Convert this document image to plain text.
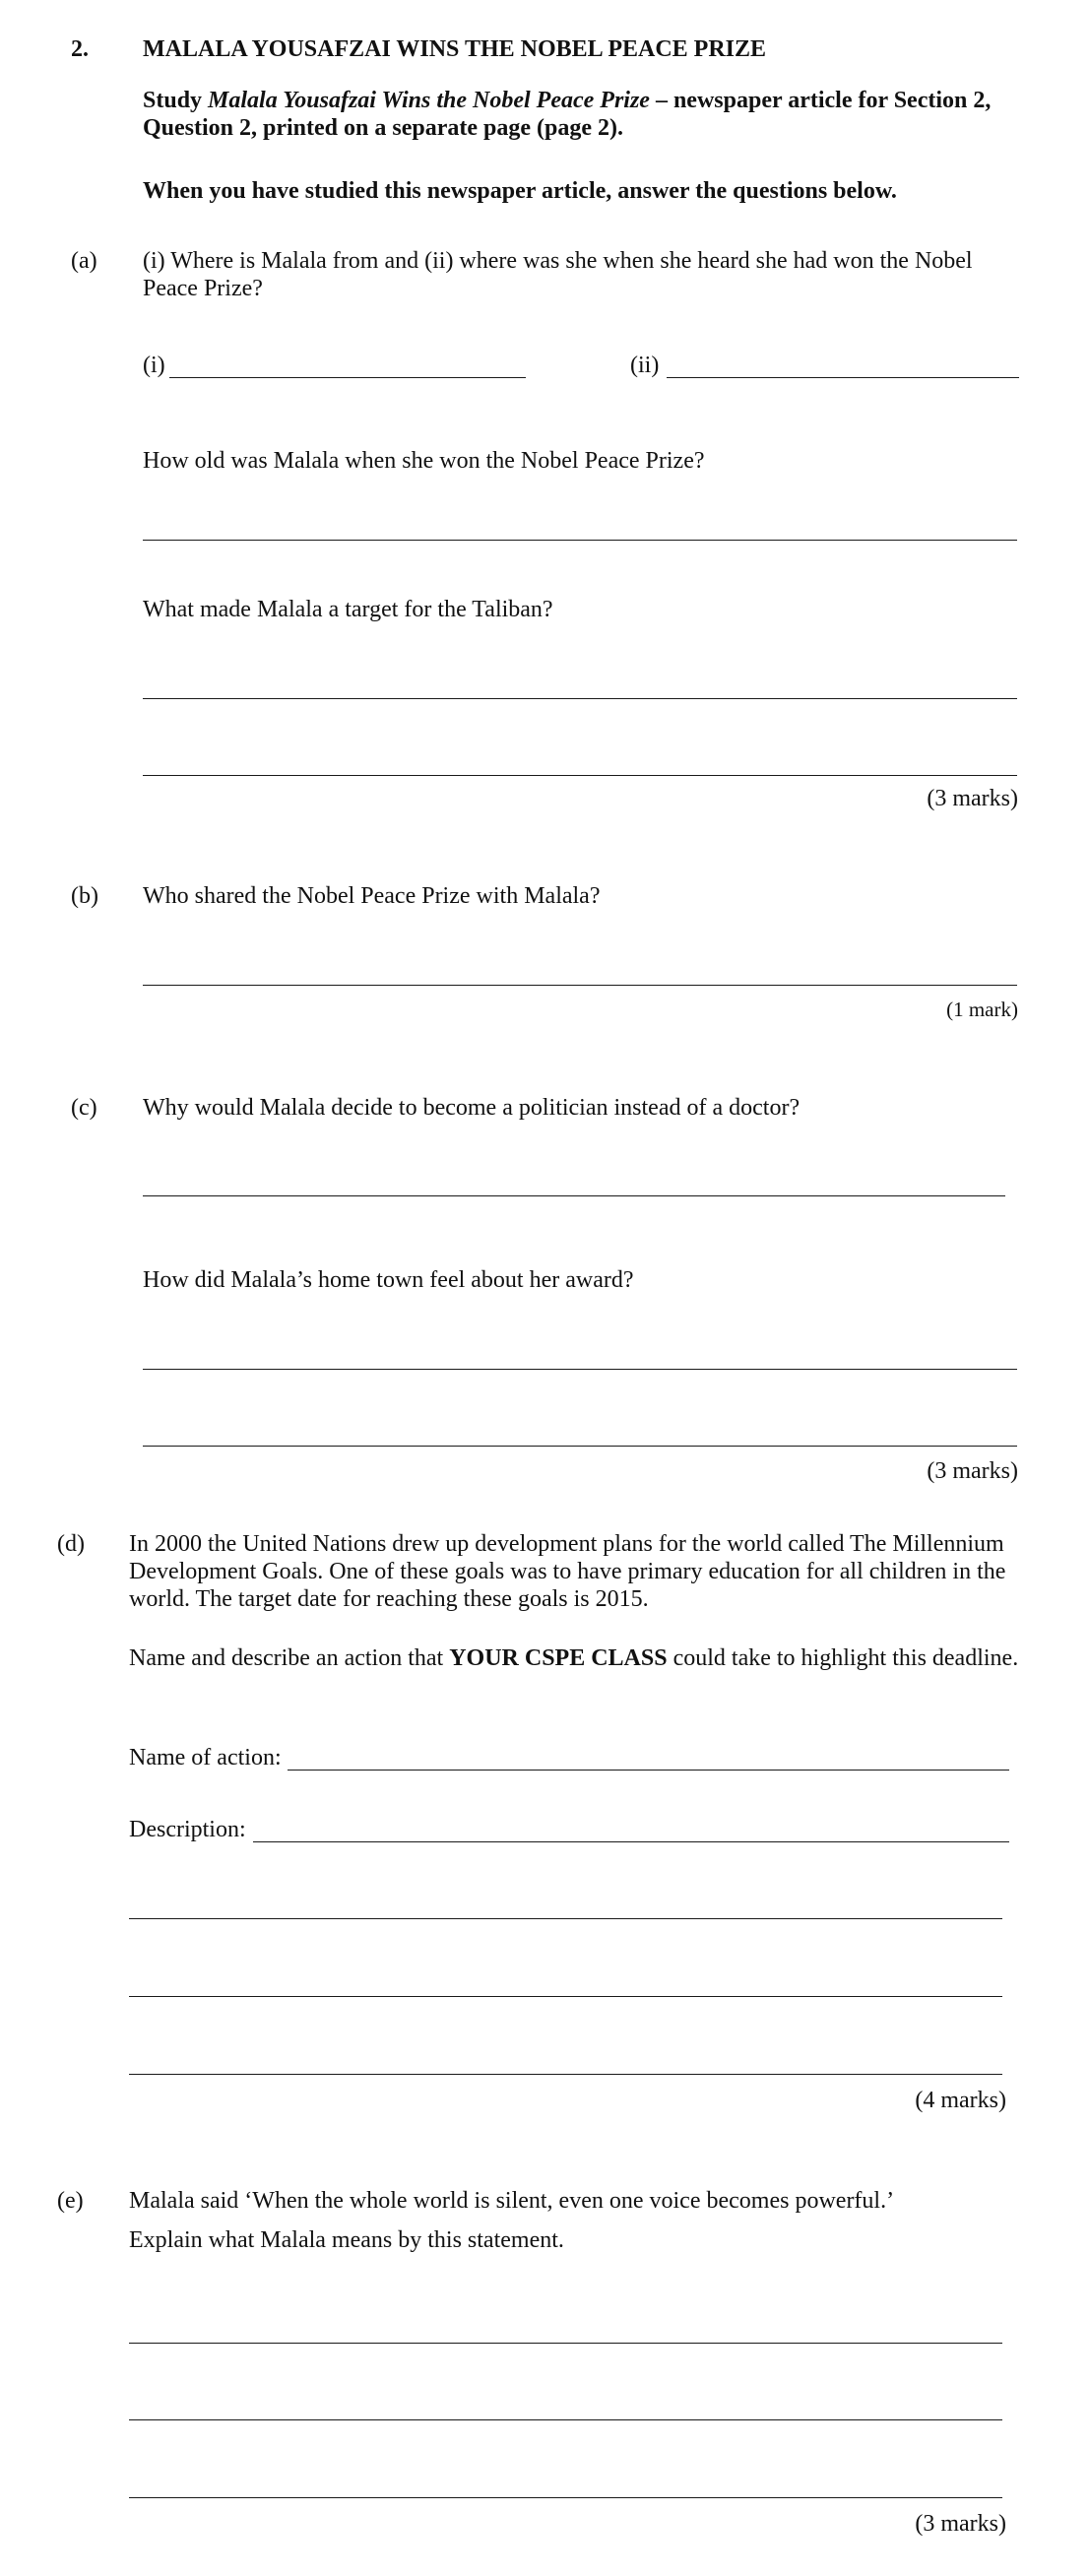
2. MALALA YOUSAFZAI WINS THE NOBEL PEACE PRIZE
Study Malala Yousafzai Wins the Nobel Peace Prize – newspaper article for Section 2, Question 2, printed on a separate page (page 2).
When you have studied this newspaper article, answer the questions below.
(a) (i) Where is Malala from and (ii) where was she when she heard she had won the Nobel Peace Prize?
(i)	(ii)
How old was Malala when she won the Nobel Peace Prize?
What made Malala a target for the Taliban?
(3 marks)
(b) Who shared the Nobel Peace Prize with Malala?
(1 mark)
(c) Why would Malala decide to become a politician instead of a doctor?
How did Malala’s home town feel about her award?
(3 marks)
(d) In 2000 the United Nations drew up development plans for the world called The Millennium Development Goals. One of these goals was to have primary education for all children in the world. The target date for reaching these goals is 2015.
Name and describe an action that YOUR CSPE CLASS could take to highlight this deadline.
Name of action:
Description:
(4 marks)
(e) Malala said ‘When the whole world is silent, even one voice becomes powerful.’
Explain what Malala means by this statement.
(3 marks)
